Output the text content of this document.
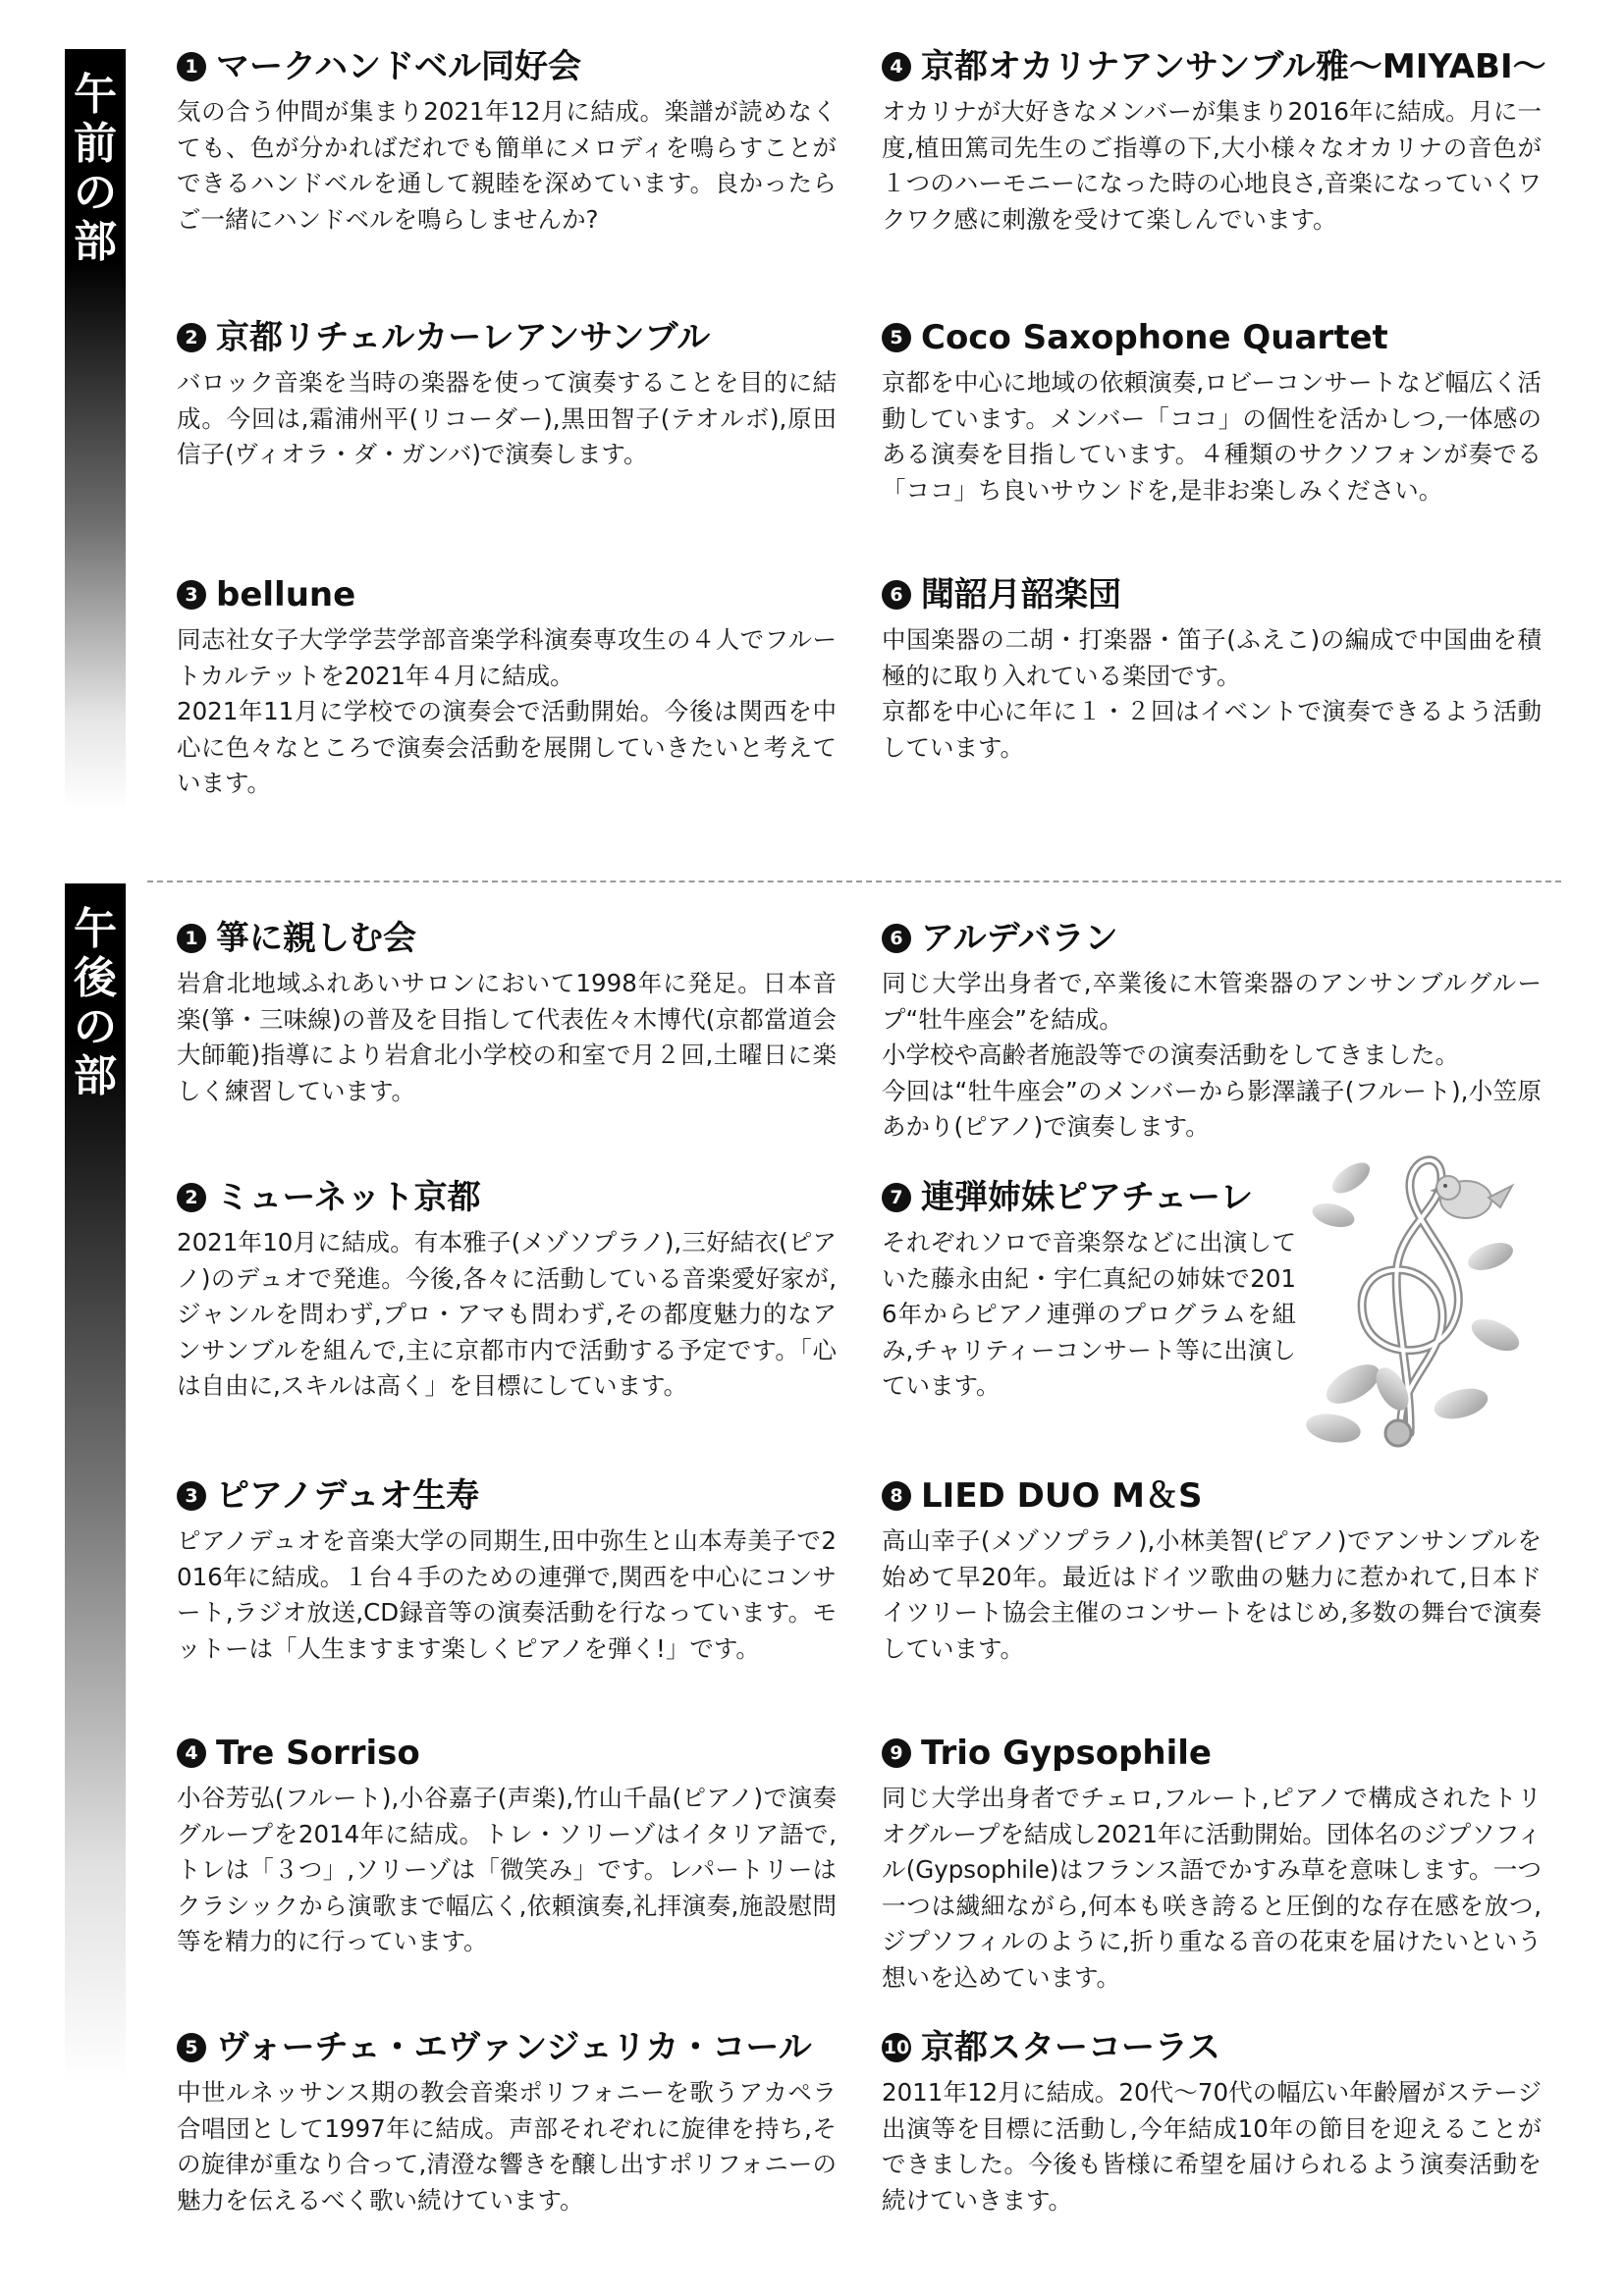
午
前
の
部
午
後
の
部
1 マークハンドベル同好会

気の合う仲間が集まり2021年12月に結成。楽譜が読めなくても、色が分かればだれでも簡単にメロディを鳴らすことができるハンドベルを通して親睦を深めています。良かったらご一緒にハンドベルを鳴らしませんか?

2 京都リチェルカーレアンサンブル

バロック音楽を当時の楽器を使って演奏することを目的に結成。今回は,霜浦州平(リコーダー),黒田智子(テオルボ),原田信子(ヴィオラ・ダ・ガンバ)で演奏します。

3 bellune

同志社女子大学学芸学部音楽学科演奏専攻生の４人でフルートカルテットを2021年４月に結成。
2021年11月に学校での演奏会で活動開始。今後は関西を中心に色々なところで演奏会活動を展開していきたいと考えています。

4 京都オカリナアンサンブル雅～MIYABI～

オカリナが大好きなメンバーが集まり2016年に結成。月に一度,植田篤司先生のご指導の下,大小様々なオカリナの音色が１つのハーモニーになった時の心地良さ,音楽になっていくワクワク感に刺激を受けて楽しんでいます。

5 Coco Saxophone Quartet

京都を中心に地域の依頼演奏,ロビーコンサートなど幅広く活動しています。メンバー「ココ」の個性を活かしつ,一体感のある演奏を目指しています。４種類のサクソフォンが奏でる「ココ」ち良いサウンドを,是非お楽しみください。

6 聞韶月韶楽団

中国楽器の二胡・打楽器・笛子(ふえこ)の編成で中国曲を積極的に取り入れている楽団です。
京都を中心に年に１・２回はイベントで演奏できるよう活動しています。

1 箏に親しむ会

岩倉北地域ふれあいサロンにおいて1998年に発足。日本音楽(箏・三味線)の普及を目指して代表佐々木博代(京都當道会大師範)指導により岩倉北小学校の和室で月２回,土曜日に楽しく練習しています。

2 ミューネット京都

2021年10月に結成。有本雅子(メゾソプラノ),三好結衣(ピアノ)のデュオで発進。今後,各々に活動している音楽愛好家が,ジャンルを問わず,プロ・アマも問わず,その都度魅力的なアンサンブルを組んで,主に京都市内で活動する予定です。「心は自由に,スキルは高く」を目標にしています。

3 ピアノデュオ生寿

ピアノデュオを音楽大学の同期生,田中弥生と山本寿美子で2016年に結成。１台４手のための連弾で,関西を中心にコンサート,ラジオ放送,CD録音等の演奏活動を行なっています。モットーは「人生ますます楽しくピアノを弾く!」です。

4 Tre Sorriso

小谷芳弘(フルート),小谷嘉子(声楽),竹山千晶(ピアノ)で演奏グループを2014年に結成。トレ・ソリーゾはイタリア語で,トレは「３つ」,ソリーゾは「微笑み」です。レパートリーはクラシックから演歌まで幅広く,依頼演奏,礼拝演奏,施設慰問等を精力的に行っています。

5 ヴォーチェ・エヴァンジェリカ・コール

中世ルネッサンス期の教会音楽ポリフォニーを歌うアカペラ合唱団として1997年に結成。声部それぞれに旋律を持ち,その旋律が重なり合って,清澄な響きを醸し出すポリフォニーの魅力を伝えるべく歌い続けています。

6 アルデバラン

同じ大学出身者で,卒業後に木管楽器のアンサンブルグループ“牡牛座会”を結成。
小学校や高齢者施設等での演奏活動をしてきました。
今回は“牡牛座会”のメンバーから影澤議子(フルート),小笠原あかり(ピアノ)で演奏します。

7 連弾姉妹ピアチェーレ

それぞれソロで音楽祭などに出演していた藤永由紀・宇仁真紀の姉妹で2016年からピアノ連弾のプログラムを組み,チャリティーコンサート等に出演しています。

8 LIED DUO M＆S

高山幸子(メゾソプラノ),小林美智(ピアノ)でアンサンブルを始めて早20年。最近はドイツ歌曲の魅力に惹かれて,日本ドイツリート協会主催のコンサートをはじめ,多数の舞台で演奏しています。

9 Trio Gypsophile

同じ大学出身者でチェロ,フルート,ピアノで構成されたトリオグループを結成し2021年に活動開始。団体名のジプソフィル(Gypsophile)はフランス語でかすみ草を意味します。一つ一つは繊細ながら,何本も咲き誇ると圧倒的な存在感を放つ,ジプソフィルのように,折り重なる音の花束を届けたいという想いを込めています。

10 京都スターコーラス

2011年12月に結成。20代～70代の幅広い年齢層がステージ出演等を目標に活動し,今年結成10年の節目を迎えることができました。今後も皆様に希望を届けられるよう演奏活動を続けていきます。
